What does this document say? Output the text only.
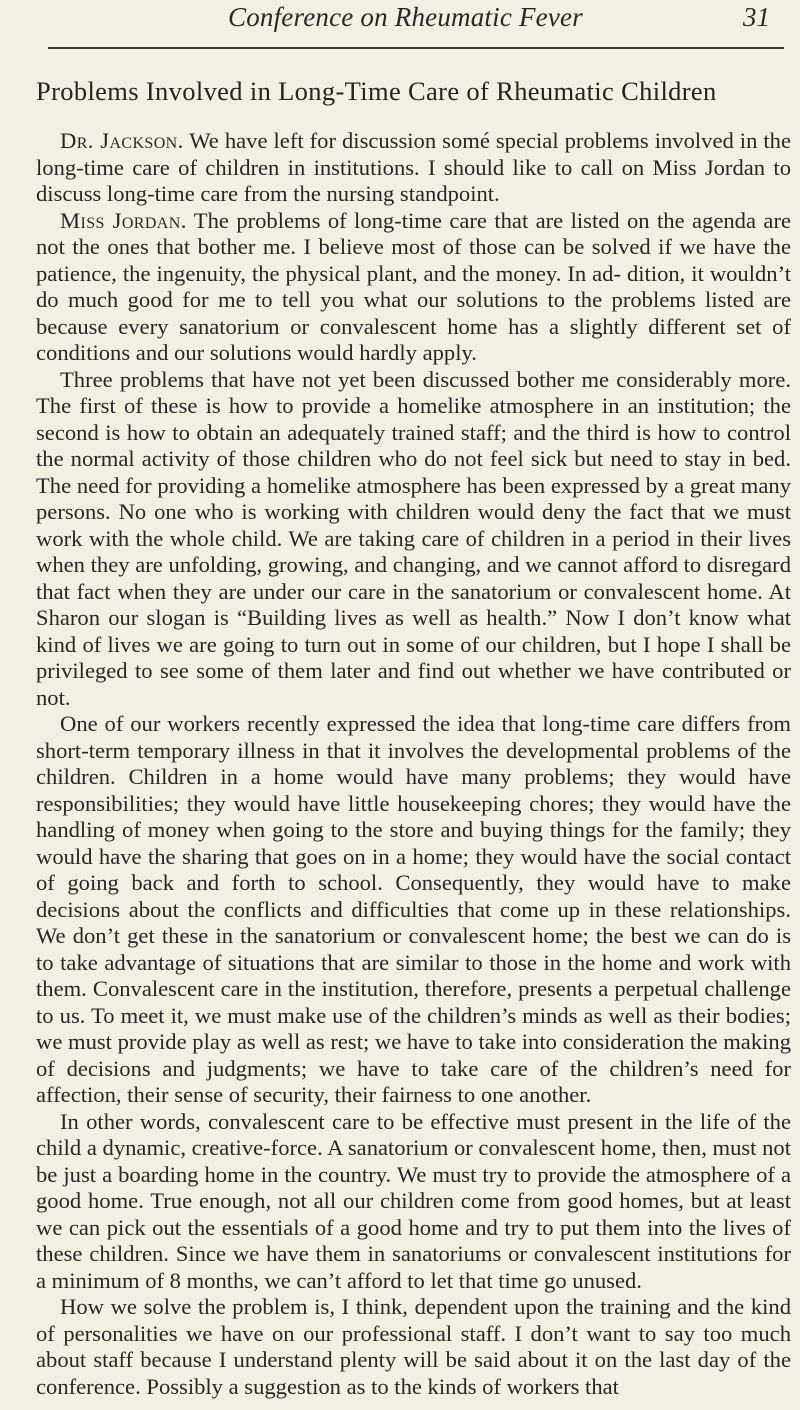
Conference on Rheumatic Fever	31
Problems Involved in Long-Time Care of Rheumatic Children

Dr. Jackson. We have left for discussion somé special problems involved in the long-time care of children in institutions. I should like to call on Miss Jordan to discuss long-time care from the nursing standpoint.

Miss Jordan. The problems of long-time care that are listed on the agenda are not the ones that bother me. I believe most of those can be solved if we have the patience, the ingenuity, the physical plant, and the money. In ad- dition, it wouldn’t do much good for me to tell you what our solutions to the problems listed are because every sanatorium or convalescent home has a slightly different set of conditions and our solutions would hardly apply.

Three problems that have not yet been discussed bother me considerably more. The first of these is how to provide a homelike atmosphere in an institution; the second is how to obtain an adequately trained staff; and the third is how to control the normal activity of those children who do not feel sick but need to stay in bed. The need for providing a homelike atmosphere has been expressed by a great many persons. No one who is working with children would deny the fact that we must work with the whole child. We are taking care of children in a period in their lives when they are unfolding, growing, and changing, and we cannot afford to disregard that fact when they are under our care in the sanatorium or convalescent home. At Sharon our slogan is “Building lives as well as health.” Now I don’t know what kind of lives we are going to turn out in some of our children, but I hope I shall be privileged to see some of them later and find out whether we have contributed or not.

One of our workers recently expressed the idea that long-time care differs from short-term temporary illness in that it involves the developmental problems of the children. Children in a home would have many problems; they would have responsibilities; they would have little housekeeping chores; they would have the handling of money when going to the store and buying things for the family; they would have the sharing that goes on in a home; they would have the social contact of going back and forth to school. Consequently, they would have to make decisions about the conflicts and difficulties that come up in these relationships. We don’t get these in the sanatorium or convalescent home; the best we can do is to take advantage of situations that are similar to those in the home and work with them. Convalescent care in the institution, therefore, presents a perpetual challenge to us. To meet it, we must make use of the children’s minds as well as their bodies; we must provide play as well as rest; we have to take into consideration the making of decisions and judgments; we have to take care of the children’s need for affection, their sense of security, their fairness to one another.

In other words, convalescent care to be effective must present in the life of the child a dynamic, creative-force. A sanatorium or convalescent home, then, must not be just a boarding home in the country. We must try to provide the atmosphere of a good home. True enough, not all our children come from good homes, but at least we can pick out the essentials of a good home and try to put them into the lives of these children. Since we have them in sanatoriums or convalescent institutions for a minimum of 8 months, we can’t afford to let that time go unused.

How we solve the problem is, I think, dependent upon the training and the kind of personalities we have on our professional staff. I don’t want to say too much about staff because I understand plenty will be said about it on the last day of the conference. Possibly a suggestion as to the kinds of workers that
